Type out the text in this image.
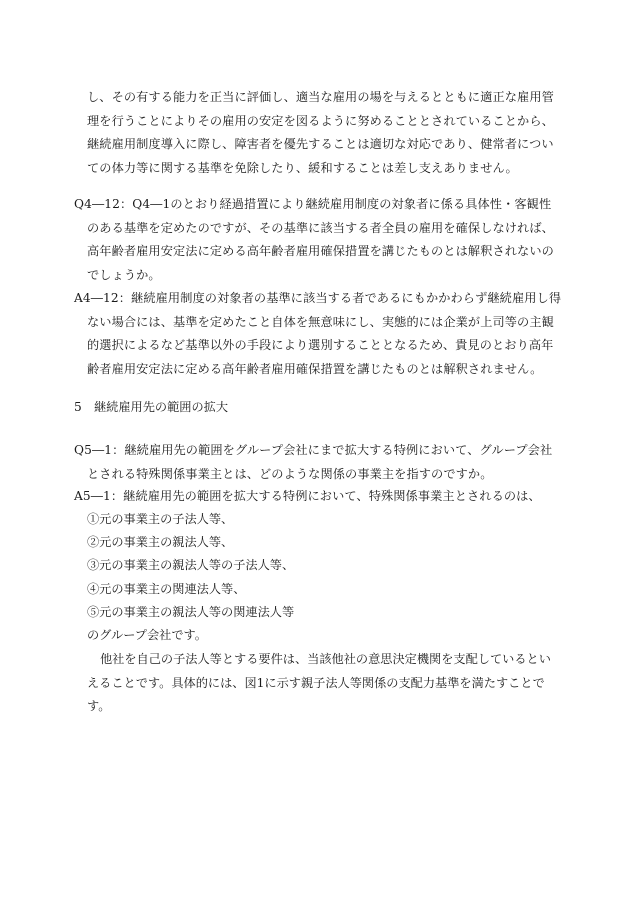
し、その有する能力を正当に評価し、適当な雇用の場を与えるとともに適正な雇用管理を行うことによりその雇用の安定を図るように努めることとされていることから、継続雇用制度導入に際し、障害者を優先することは適切な対応であり、健常者についての体力等に関する基準を免除したり、緩和することは差し支えありません。

Q4―12：Q4―1のとおり経過措置により継続雇用制度の対象者に係る具体性・客観性のある基準を定めたのですが、その基準に該当する者全員の雇用を確保しなければ、高年齢者雇用安定法に定める高年齢者雇用確保措置を講じたものとは解釈されないのでしょうか。

A4―12：継続雇用制度の対象者の基準に該当する者であるにもかかわらず継続雇用し得ない場合には、基準を定めたこと自体を無意味にし、実態的には企業が上司等の主観的選択によるなど基準以外の手段により選別することとなるため、貴見のとおり高年齢者雇用安定法に定める高年齢者雇用確保措置を講じたものとは解釈されません。

5　継続雇用先の範囲の拡大

Q5―1：継続雇用先の範囲をグループ会社にまで拡大する特例において、グループ会社とされる特殊関係事業主とは、どのような関係の事業主を指すのですか。

A5―1：継続雇用先の範囲を拡大する特例において、特殊関係事業主とされるのは、

①元の事業主の子法人等、
②元の事業主の親法人等、
③元の事業主の親法人等の子法人等、
④元の事業主の関連法人等、
⑤元の事業主の親法人等の関連法人等
のグループ会社です。

他社を自己の子法人等とする要件は、当該他社の意思決定機関を支配しているといえることです。具体的には、図1に示す親子法人等関係の支配力基準を満たすことです。
